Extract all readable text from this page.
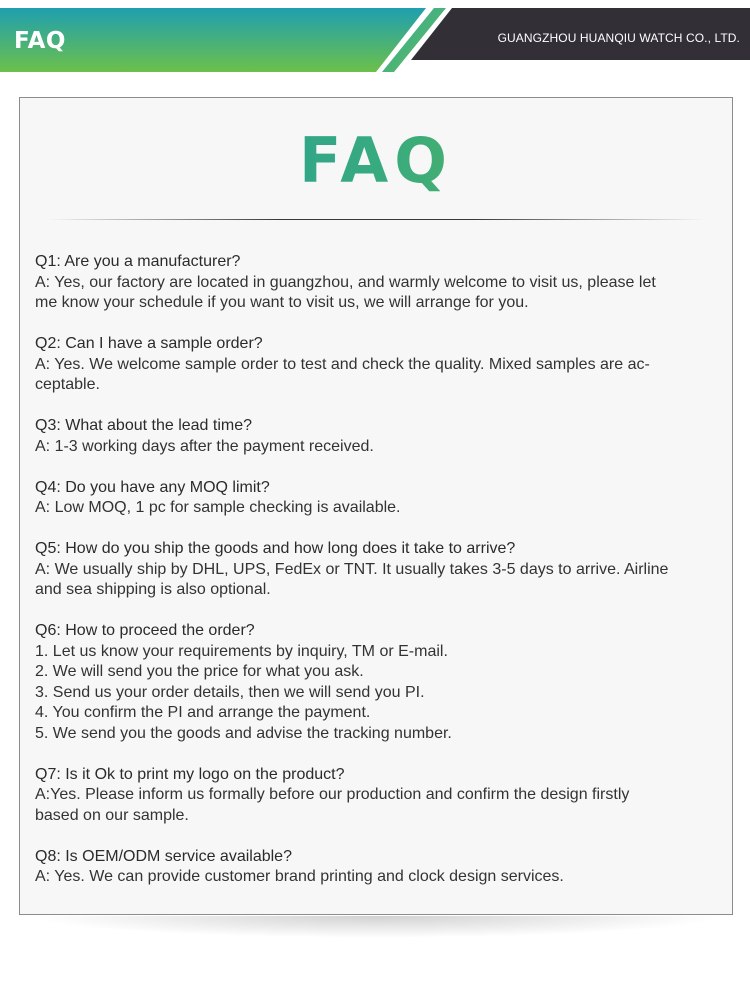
FAQ	GUANGZHOU HUANQIU WATCH CO., LTD.
FAQ
Q1: Are you a manufacturer?
A: Yes, our factory are located in guangzhou, and warmly welcome to visit us, please let
me know your schedule if you want to visit us, we will arrange for you.
Q2: Can I have a sample order?
A: Yes. We welcome sample order to test and check the quality. Mixed samples are ac-
ceptable.
Q3: What about the lead time?
A: 1-3 working days after the payment received.
Q4: Do you have any MOQ limit?
A: Low MOQ, 1 pc for sample checking is available.
Q5: How do you ship the goods and how long does it take to arrive?
A: We usually ship by DHL, UPS, FedEx or TNT. It usually takes 3-5 days to arrive. Airline
and sea shipping is also optional.
Q6: How to proceed the order?
1. Let us know your requirements by inquiry, TM or E-mail.
2. We will send you the price for what you ask.
3. Send us your order details, then we will send you PI.
4. You confirm the PI and arrange the payment.
5. We send you the goods and advise the tracking number.
Q7: Is it Ok to print my logo on the product?
A:Yes. Please inform us formally before our production and confirm the design firstly
based on our sample.
Q8: Is OEM/ODM service available?
A: Yes. We can provide customer brand printing and clock design services.
